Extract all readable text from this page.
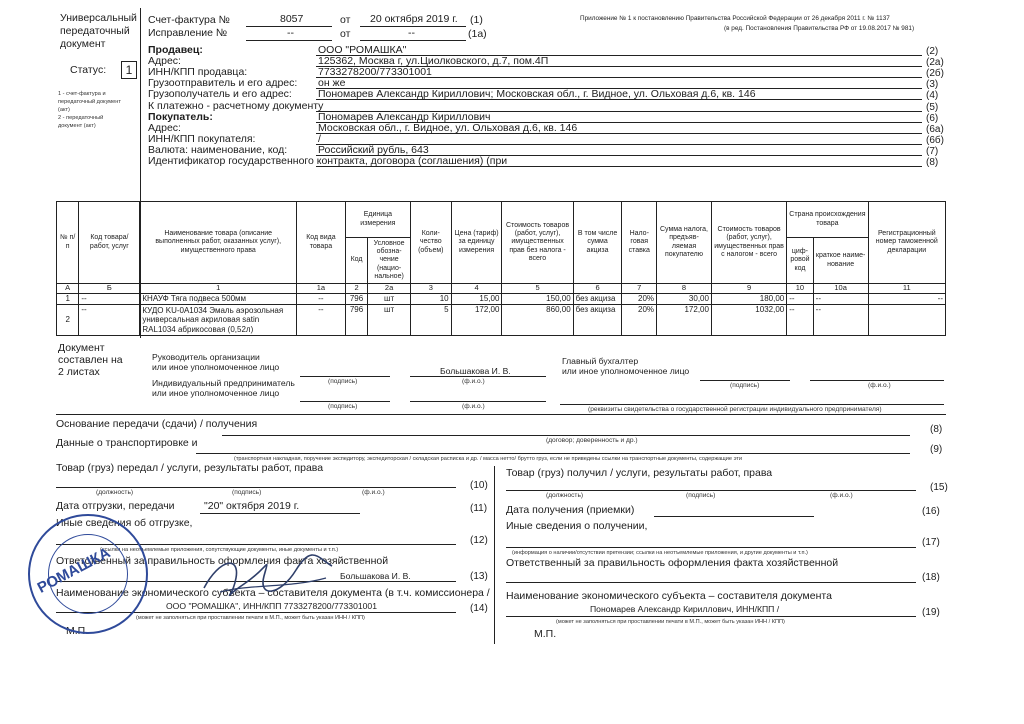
Универсальный
передаточный
документ
Статус:	1
1 - счет-фактура и
передаточный документ
(акт)
2 - передаточный
документ (акт)
Счет-фактура №	8057	от 20 октября 2019 г. (1)
Исправление №	--	от	--	(1а)
Приложение № 1 к постановлению Правительства Российской Федерации от 26 декабря 2011 г. № 1137
(в ред. Постановления Правительства РФ от 19.08.2017 № 981)
Продавец:	ООО "РОМАШКА"	(2)
Адрес:	125362, Москва г, ул.Циолковского, д.7, пом.4П	(2а)
ИНН/КПП продавца:	7733278200/773301001	(2б)
Грузоотправитель и его адрес: он же	(3)
Грузополучатель и его адрес: Пономарев Александр Кириллович; Московская обл., г. Видное, ул. Ольховая д.6, кв. 146	(4)
К платежно - расчетному документу	(5)
Покупатель:	Пономарев Александр Кириллович	(6)
Адрес:	Московская обл., г. Видное, ул. Ольховая д.6, кв. 146	(6а)
ИНН/КПП покупателя:	/	(6б)
Валюта: наименование, код:	Российский рубль, 643	(7)
Идентификатор государственного контракта, договора (соглашения) (при	(8)
№ п/п	Код товара/ работ, услуг	Наименование товара (описание выполненных работ, оказанных услуг), имущественного права	Код вида товара	Единица измерения		Коли- чество (объем)	Цена (тариф) за единицу измерения	Стоимость товаров (работ, услуг), имущественных прав без налога - всего	В том числе сумма акциза	Нало- говая ставка	Сумма налога, предъяв- ляемая покупателю	Стоимость товаров (работ, услуг), имущественных прав с налогом - всего	Страна происхождения товара		Регистрационный номер таможенной декларации
				Код	Условное обозна- чение (нацио- нальное)								циф- ровой код	краткое наиме- нование	
А	Б	1	1а	2	2а	3	4	5	6	7	8	9	10	10а	11
1	--	КНАУФ Тяга подвеса 500мм	--	796	шт	10	15,00	150,00	без акциза	20%	30,00	180,00	--	--	--
2	--	КУДО KU-0A1034 Эмаль аэрозольная универсальная акриловая satin RAL1034 абрикосовая (0,52л)	--	796	шт	5	172,00	860,00	без акциза	20%	172,00	1032,00	--	--	
Документ
составлен на
2 листах
Руководитель организации
или иное уполномоченное лицо
(подпись)
Большакова И. В.
(ф.и.о.)
Главный бухгалтер
или иное уполномоченное лицо
(подпись)	(ф.и.о.)
Индивидуальный предприниматель
или иное уполномоченное лицо
(подпись)	(ф.и.о.)	(реквизиты свидетельства о государственной регистрации индивидуального предпринимателя)
Основание передачи (сдачи) / получения	(8)
(договор; доверенность и др.)
Данные о транспортировке и
(9)
(транспортная накладная, поручение экспедитору, экспедиторская / складская расписка и др. / масса нетто/ брутто груз, если не приведены ссылки на транспортные документы, содержащие эти
Товар (груз) передал / услуги, результаты работ, права
(10)
(должность)	(подпись)	(ф.и.о.)
Дата отгрузки, передачи	"20" октября 2019 г.	(11)
Иные сведения об отгрузке,
(12)
(ссылки на неотъемлемые приложения, сопутствующие документы, иные документы и т.п.)
Ответственный за правильность оформления факта хозяйственной
Большакова И. В.	(13)
Наименование экономического субъекта – составителя документа (в т.ч. комиссионера /
ООО "РОМАШКА", ИНН/КПП 7733278200/773301001	(14)
(может не заполняться при проставлении печати в М.П., может быть указан ИНН / КПП)
М.П.
Товар (груз) получил / услуги, результаты работ, права
(15)
(должность)	(подпись)	(ф.и.о.)
Дата получения (приемки)	(16)
Иные сведения о получении,
(17)
(информация о наличии/отсутствии претензии; ссылки на неотъемлемые приложения, и другие документы и т.п.)
Ответственный за правильность оформления факта хозяйственной
(18)
Наименование экономического субъекта – составителя документа
Пономарев Александр Кириллович, ИНН/КПП /	(19)
(может не заполняться при проставлении печати в М.П., может быть указан ИНН / КПП)
М.П.
РОМАШКА
